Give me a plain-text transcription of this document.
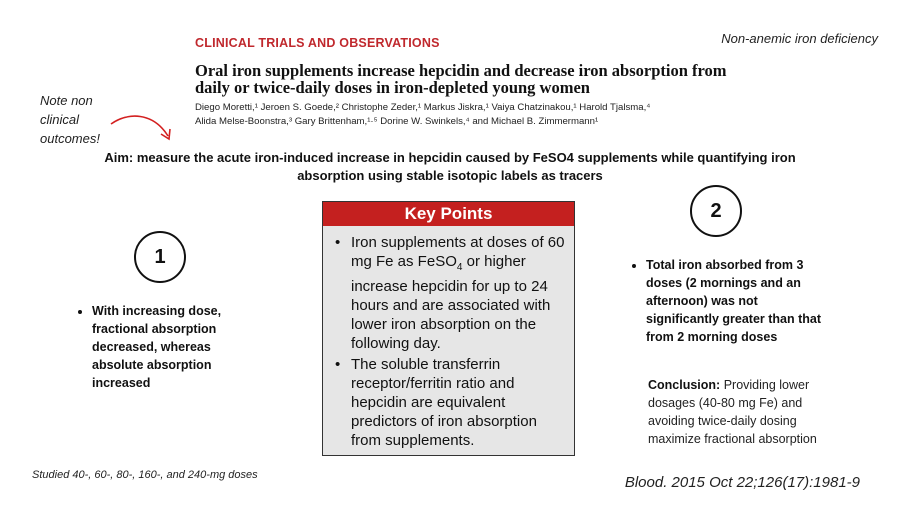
Non-anemic iron deficiency
CLINICAL TRIALS AND OBSERVATIONS
Oral iron supplements increase hepcidin and decrease iron absorption from daily or twice-daily doses in iron-depleted young women
Diego Moretti,¹ Jeroen S. Goede,² Christophe Zeder,¹ Markus Jiskra,¹ Vaiya Chatzinakou,¹ Harold Tjalsma,⁴
Alida Melse-Boonstra,³ Gary Brittenham,¹·⁵ Dorine W. Swinkels,⁴ and Michael B. Zimmermann¹
Note non clinical outcomes!
Aim: measure the acute iron-induced increase in hepcidin caused by FeSO4 supplements while quantifying iron absorption using stable isotopic labels as tracers
1
2
• With increasing dose, fractional absorption decreased, whereas absolute absorption increased
• Total iron absorbed from 3 doses (2 mornings and an afternoon) was not significantly greater than that from 2 morning doses
Conclusion: Providing lower dosages (40-80 mg Fe) and avoiding twice-daily dosing maximize fractional absorption
Key Points
• Iron supplements at doses of 60 mg Fe as FeSO$_4$ or higher increase hepcidin for up to 24 hours and are associated with lower iron absorption on the following day.
• The soluble transferrin receptor/ferritin ratio and hepcidin are equivalent predictors of iron absorption from supplements.
Studied 40-, 60-, 80-, 160-, and 240-mg doses	Blood. 2015 Oct 22;126(17):1981-9
